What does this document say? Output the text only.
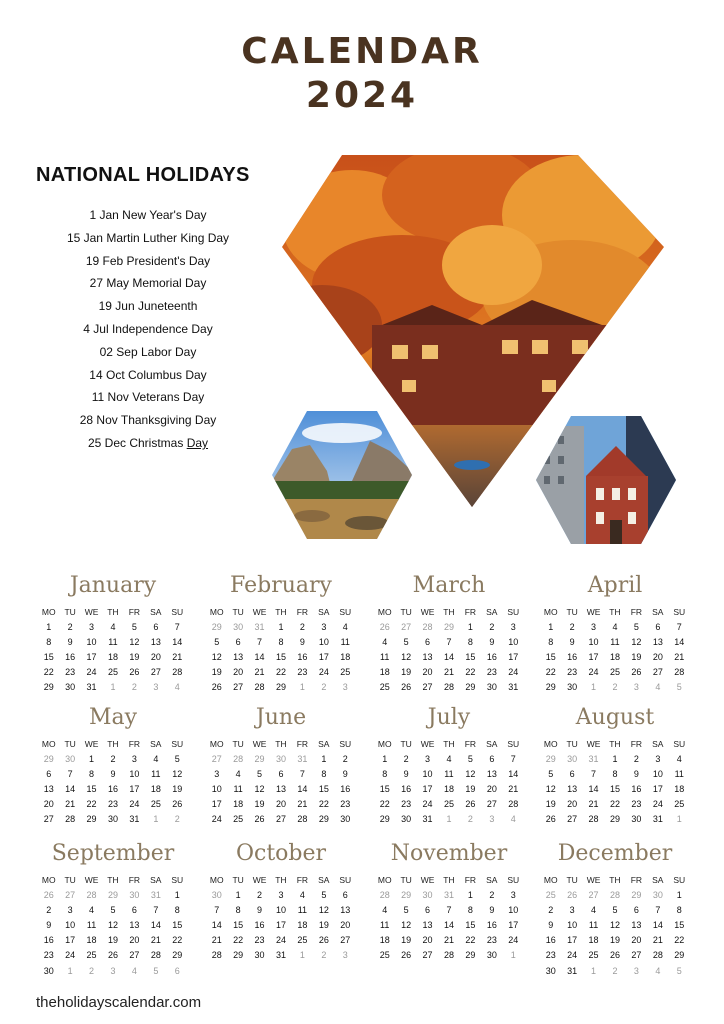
CALENDAR
2024
NATIONAL HOLIDAYS
1 Jan New Year's Day
15 Jan Martin Luther King Day
19 Feb President's Day
27 May Memorial Day
19 Jun Juneteenth
4 Jul Independence Day
02 Sep Labor Day
14 Oct Columbus Day
11 Nov Veterans Day
28 Nov Thanksgiving Day
25 Dec Christmas Day
January
MO	TU	WE	TH	FR	SA	SU
1	2	3	4	5	6	7
8	9	10	11	12	13	14
15	16	17	18	19	20	21
22	23	24	25	26	27	28
29	30	31	1	2	3	4
February
MO	TU	WE	TH	FR	SA	SU
29	30	31	1	2	3	4
5	6	7	8	9	10	11
12	13	14	15	16	17	18
19	20	21	22	23	24	25
26	27	28	29	1	2	3
March
MO	TU	WE	TH	FR	SA	SU
26	27	28	29	1	2	3
4	5	6	7	8	9	10
11	12	13	14	15	16	17
18	19	20	21	22	23	24
25	26	27	28	29	30	31
April
MO	TU	WE	TH	FR	SA	SU
1	2	3	4	5	6	7
8	9	10	11	12	13	14
15	16	17	18	19	20	21
22	23	24	25	26	27	28
29	30	1	2	3	4	5
May
MO	TU	WE	TH	FR	SA	SU
29	30	1	2	3	4	5
6	7	8	9	10	11	12
13	14	15	16	17	18	19
20	21	22	23	24	25	26
27	28	29	30	31	1	2
June
MO	TU	WE	TH	FR	SA	SU
27	28	29	30	31	1	2
3	4	5	6	7	8	9
10	11	12	13	14	15	16
17	18	19	20	21	22	23
24	25	26	27	28	29	30
July
MO	TU	WE	TH	FR	SA	SU
1	2	3	4	5	6	7
8	9	10	11	12	13	14
15	16	17	18	19	20	21
22	23	24	25	26	27	28
29	30	31	1	2	3	4
August
MO	TU	WE	TH	FR	SA	SU
29	30	31	1	2	3	4
5	6	7	8	9	10	11
12	13	14	15	16	17	18
19	20	21	22	23	24	25
26	27	28	29	30	31	1
September
MO	TU	WE	TH	FR	SA	SU
26	27	28	29	30	31	1
2	3	4	5	6	7	8
9	10	11	12	13	14	15
16	17	18	19	20	21	22
23	24	25	26	27	28	29
30	1	2	3	4	5	6
October
MO	TU	WE	TH	FR	SA	SU
30	1	2	3	4	5	6
7	8	9	10	11	12	13
14	15	16	17	18	19	20
21	22	23	24	25	26	27
28	29	30	31	1	2	3
November
MO	TU	WE	TH	FR	SA	SU
28	29	30	31	1	2	3
4	5	6	7	8	9	10
11	12	13	14	15	16	17
18	19	20	21	22	23	24
25	26	27	28	29	30	1
December
MO	TU	WE	TH	FR	SA	SU
25	26	27	28	29	30	1
2	3	4	5	6	7	8
9	10	11	12	13	14	15
16	17	18	19	20	21	22
23	24	25	26	27	28	29
30	31	1	2	3	4	5
theholidayscalendar.com
